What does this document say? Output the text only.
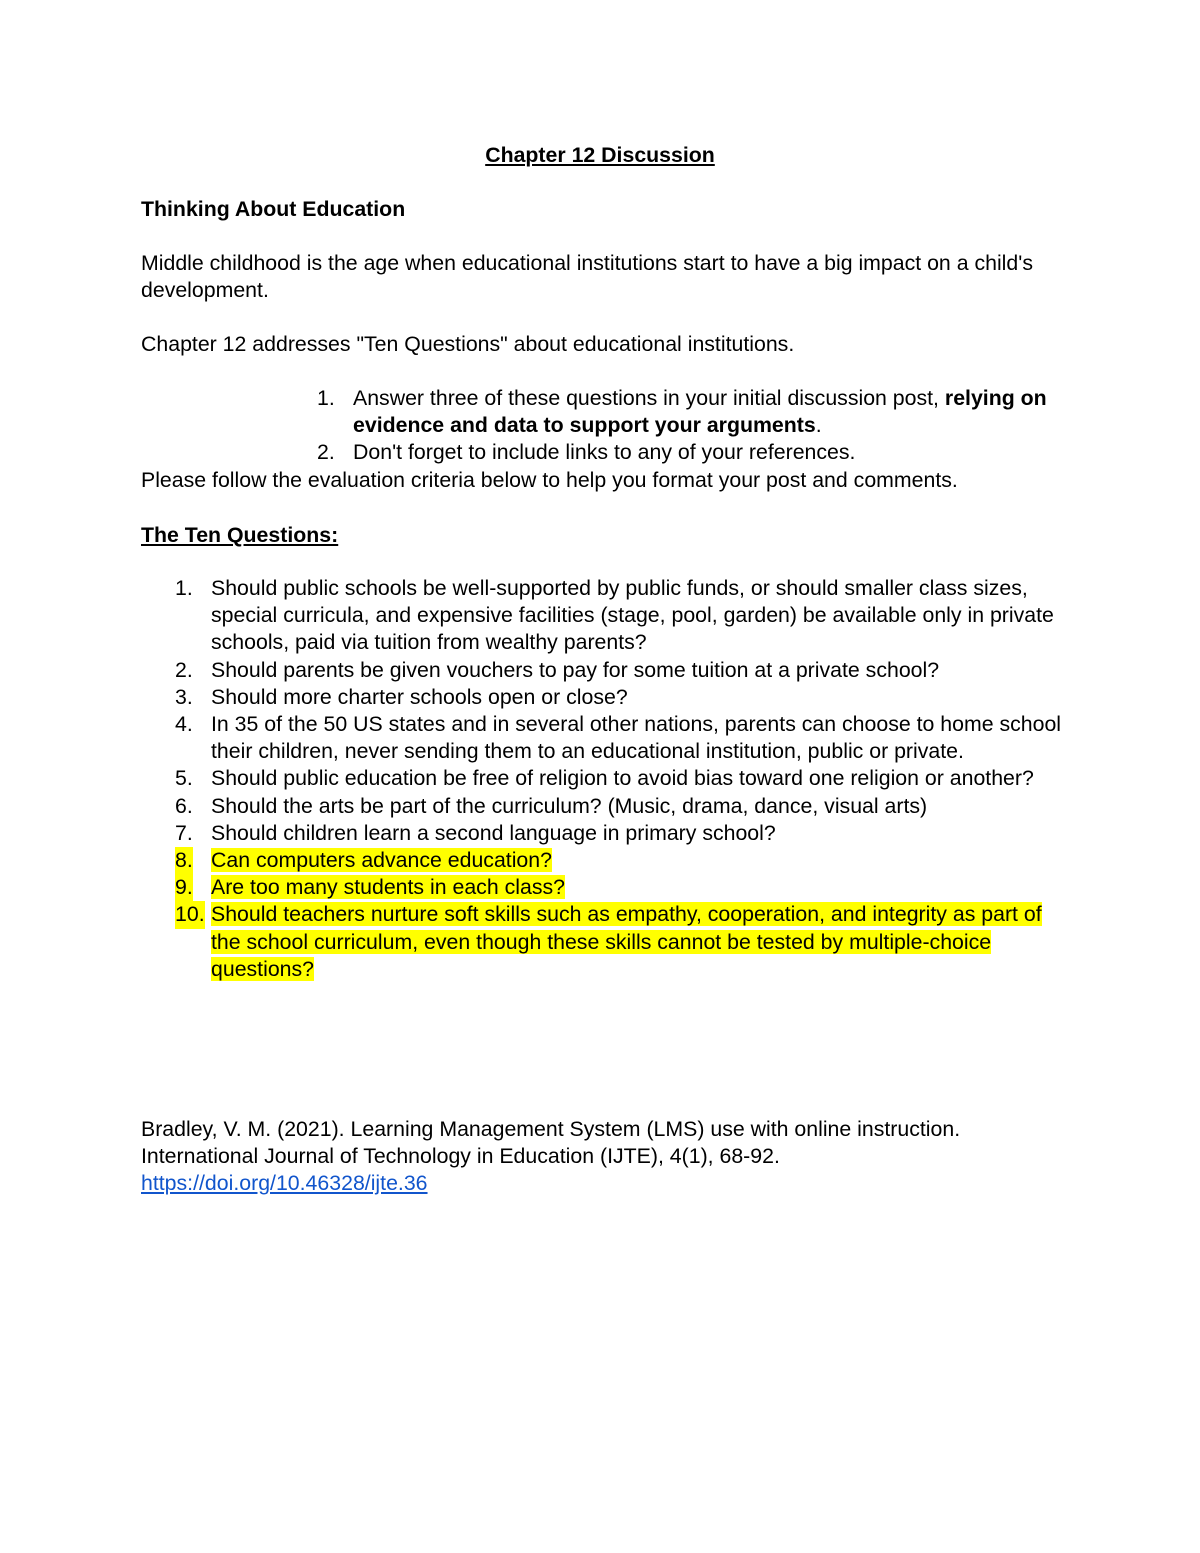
Chapter 12 Discussion
Thinking About Education
Middle childhood is the age when educational institutions start to have a big impact on a child's development.
Chapter 12 addresses "Ten Questions" about educational institutions.
1. Answer three of these questions in your initial discussion post, relying on evidence and data to support your arguments.
2. Don't forget to include links to any of your references.
Please follow the evaluation criteria below to help you format your post and comments.
The Ten Questions:
1. Should public schools be well-supported by public funds, or should smaller class sizes, special curricula, and expensive facilities (stage, pool, garden) be available only in private schools, paid via tuition from wealthy parents?
2. Should parents be given vouchers to pay for some tuition at a private school?
3. Should more charter schools open or close?
4. In 35 of the 50 US states and in several other nations, parents can choose to home school their children, never sending them to an educational institution, public or private.
5. Should public education be free of religion to avoid bias toward one religion or another?
6. Should the arts be part of the curriculum? (Music, drama, dance, visual arts)
7. Should children learn a second language in primary school?
8. Can computers advance education?
9. Are too many students in each class?
10. Should teachers nurture soft skills such as empathy, cooperation, and integrity as part of the school curriculum, even though these skills cannot be tested by multiple-choice questions?
Bradley, V. M. (2021). Learning Management System (LMS) use with online instruction.
International Journal of Technology in Education (IJTE), 4(1), 68-92.
https://doi.org/10.46328/ijte.36
